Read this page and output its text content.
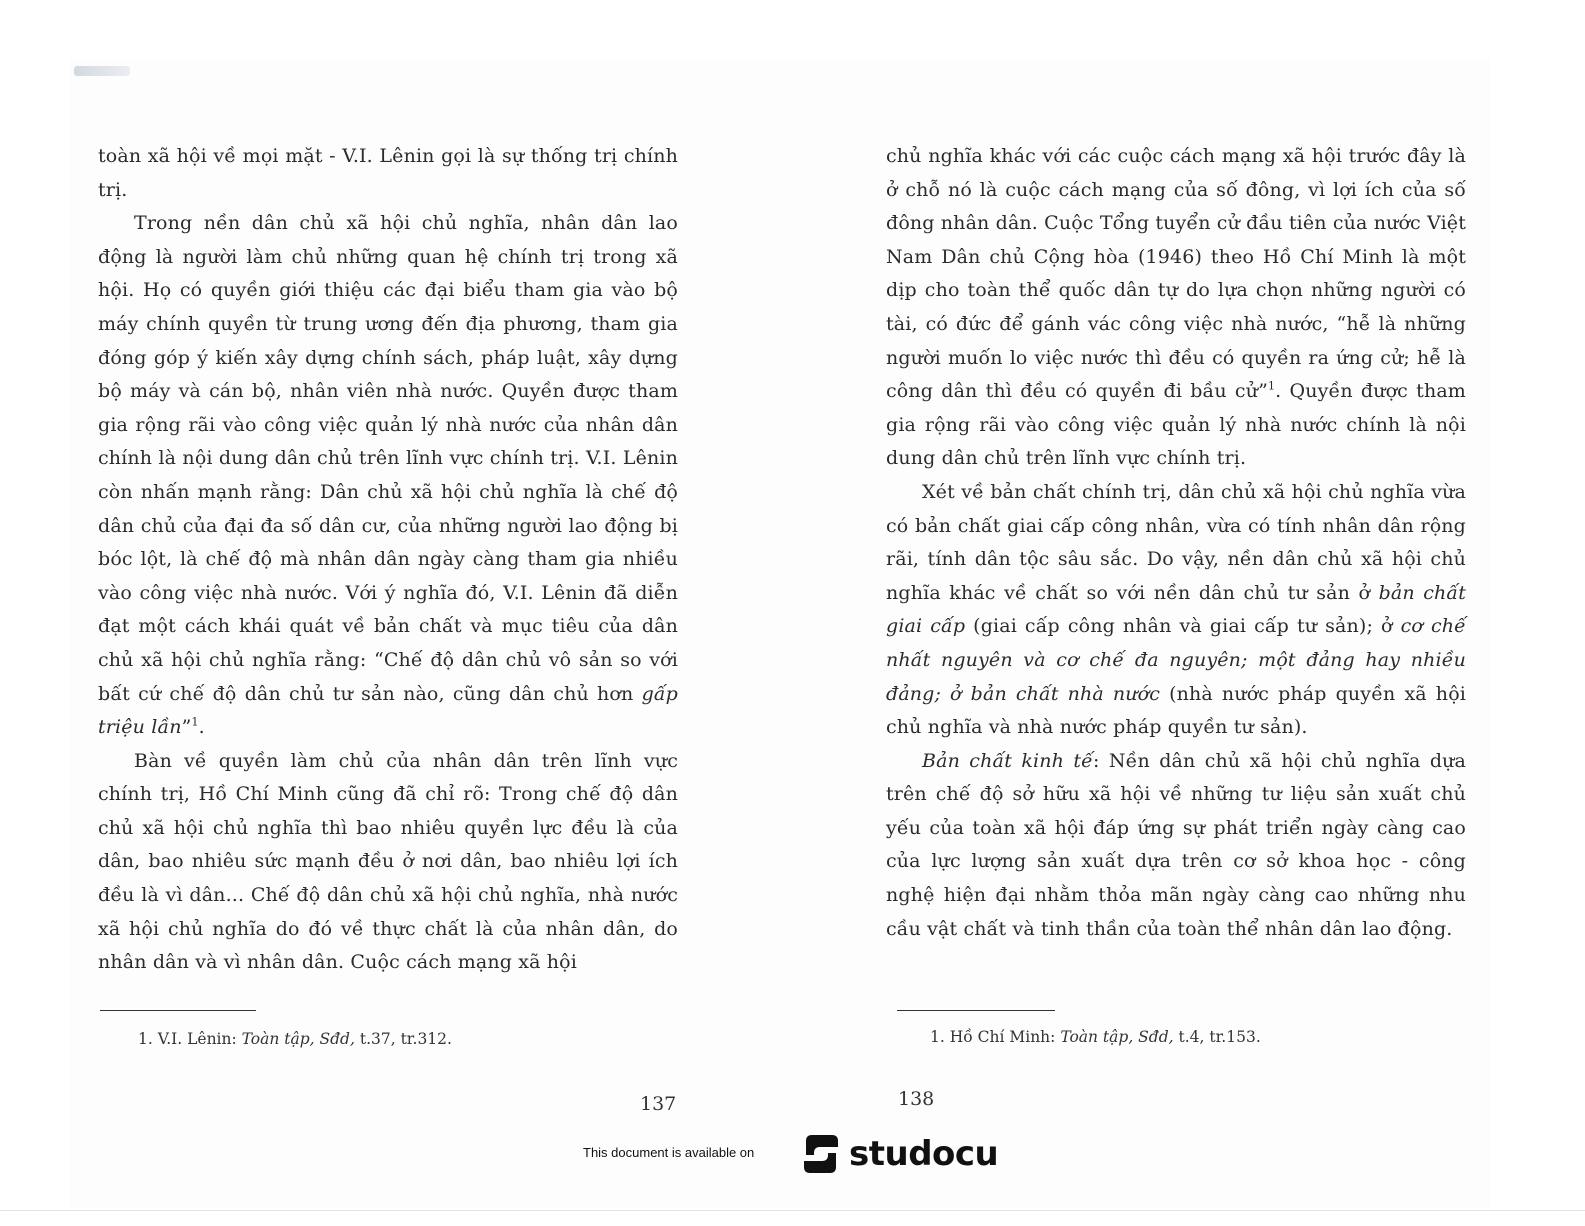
toàn xã hội về mọi mặt - V.I. Lênin gọi là sự thống trị chính trị.

Trong nền dân chủ xã hội chủ nghĩa, nhân dân lao động là người làm chủ những quan hệ chính trị trong xã hội. Họ có quyền giới thiệu các đại biểu tham gia vào bộ máy chính quyền từ trung ương đến địa phương, tham gia đóng góp ý kiến xây dựng chính sách, pháp luật, xây dựng bộ máy và cán bộ, nhân viên nhà nước. Quyền được tham gia rộng rãi vào công việc quản lý nhà nước của nhân dân chính là nội dung dân chủ trên lĩnh vực chính trị. V.I. Lênin còn nhấn mạnh rằng: Dân chủ xã hội chủ nghĩa là chế độ dân chủ của đại đa số dân cư, của những người lao động bị bóc lột, là chế độ mà nhân dân ngày càng tham gia nhiều vào công việc nhà nước. Với ý nghĩa đó, V.I. Lênin đã diễn đạt một cách khái quát về bản chất và mục tiêu của dân chủ xã hội chủ nghĩa rằng: “Chế độ dân chủ vô sản so với bất cứ chế độ dân chủ tư sản nào, cũng dân chủ hơn gấp triệu lần”$^1$.

Bàn về quyền làm chủ của nhân dân trên lĩnh vực chính trị, Hồ Chí Minh cũng đã chỉ rõ: Trong chế độ dân chủ xã hội chủ nghĩa thì bao nhiêu quyền lực đều là của dân, bao nhiêu sức mạnh đều ở nơi dân, bao nhiêu lợi ích đều là vì dân... Chế độ dân chủ xã hội chủ nghĩa, nhà nước xã hội chủ nghĩa do đó về thực chất là của nhân dân, do nhân dân và vì nhân dân. Cuộc cách mạng xã hội

1. V.I. Lênin: Toàn tập, Sđd, t.37, tr.312.
137

chủ nghĩa khác với các cuộc cách mạng xã hội trước đây là ở chỗ nó là cuộc cách mạng của số đông, vì lợi ích của số đông nhân dân. Cuộc Tổng tuyển cử đầu tiên của nước Việt Nam Dân chủ Cộng hòa (1946) theo Hồ Chí Minh là một dịp cho toàn thể quốc dân tự do lựa chọn những người có tài, có đức để gánh vác công việc nhà nước, “hễ là những người muốn lo việc nước thì đều có quyền ra ứng cử; hễ là công dân thì đều có quyền đi bầu cử”$^1$. Quyền được tham gia rộng rãi vào công việc quản lý nhà nước chính là nội dung dân chủ trên lĩnh vực chính trị.

Xét về bản chất chính trị, dân chủ xã hội chủ nghĩa vừa có bản chất giai cấp công nhân, vừa có tính nhân dân rộng rãi, tính dân tộc sâu sắc. Do vậy, nền dân chủ xã hội chủ nghĩa khác về chất so với nền dân chủ tư sản ở bản chất giai cấp (giai cấp công nhân và giai cấp tư sản); ở cơ chế nhất nguyên và cơ chế đa nguyên; một đảng hay nhiều đảng; ở bản chất nhà nước (nhà nước pháp quyền xã hội chủ nghĩa và nhà nước pháp quyền tư sản).

Bản chất kinh tế: Nền dân chủ xã hội chủ nghĩa dựa trên chế độ sở hữu xã hội về những tư liệu sản xuất chủ yếu của toàn xã hội đáp ứng sự phát triển ngày càng cao của lực lượng sản xuất dựa trên cơ sở khoa học - công nghệ hiện đại nhằm thỏa mãn ngày càng cao những nhu cầu vật chất và tinh thần của toàn thể nhân dân lao động.

1. Hồ Chí Minh: Toàn tập, Sđd, t.4, tr.153.
138
This document is available on	studocu
